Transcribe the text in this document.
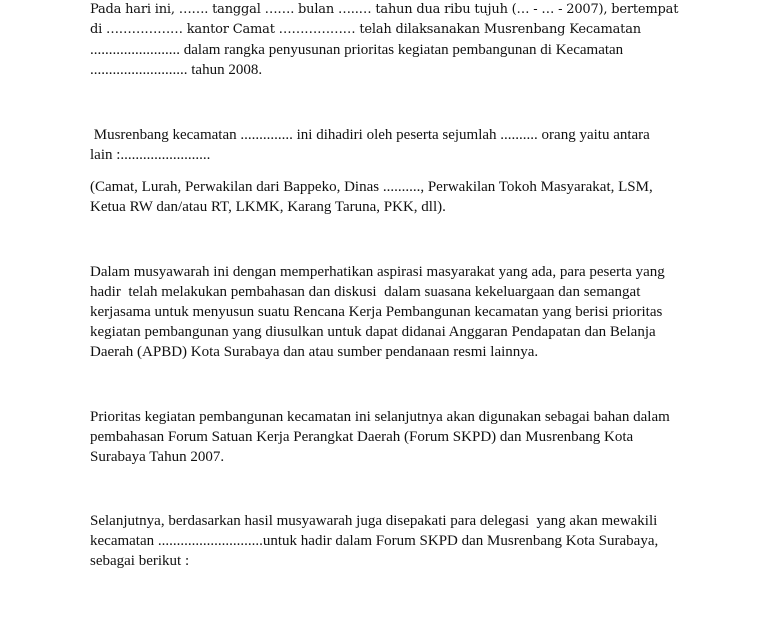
Pada hari ini, ……. tanggal ……. bulan …..… tahun dua ribu tujuh (… - … - 2007), bertempat
di ……………… kantor Camat ……………… telah dilaksanakan Musrenbang Kecamatan
........................ dalam rangka penyusunan prioritas kegiatan pembangunan di Kecamatan
.......................... tahun 2008.

Musrenbang kecamatan .............. ini dihadiri oleh peserta sejumlah .......... orang yaitu antara
lain :........................

(Camat, Lurah, Perwakilan dari Bappeko, Dinas .........., Perwakilan Tokoh Masyarakat, LSM,
Ketua RW dan/atau RT, LKMK, Karang Taruna, PKK, dll).

Dalam musyawarah ini dengan memperhatikan aspirasi masyarakat yang ada, para peserta yang
hadir  telah melakukan pembahasan dan diskusi  dalam suasana kekeluargaan dan semangat
kerjasama untuk menyusun suatu Rencana Kerja Pembangunan kecamatan yang berisi prioritas
kegiatan pembangunan yang diusulkan untuk dapat didanai Anggaran Pendapatan dan Belanja
Daerah (APBD) Kota Surabaya dan atau sumber pendanaan resmi lainnya.

Prioritas kegiatan pembangunan kecamatan ini selanjutnya akan digunakan sebagai bahan dalam
pembahasan Forum Satuan Kerja Perangkat Daerah (Forum SKPD) dan Musrenbang Kota
Surabaya Tahun 2007.

Selanjutnya, berdasarkan hasil musyawarah juga disepakati para delegasi  yang akan mewakili
kecamatan ............................untuk hadir dalam Forum SKPD dan Musrenbang Kota Surabaya,
sebagai berikut :
